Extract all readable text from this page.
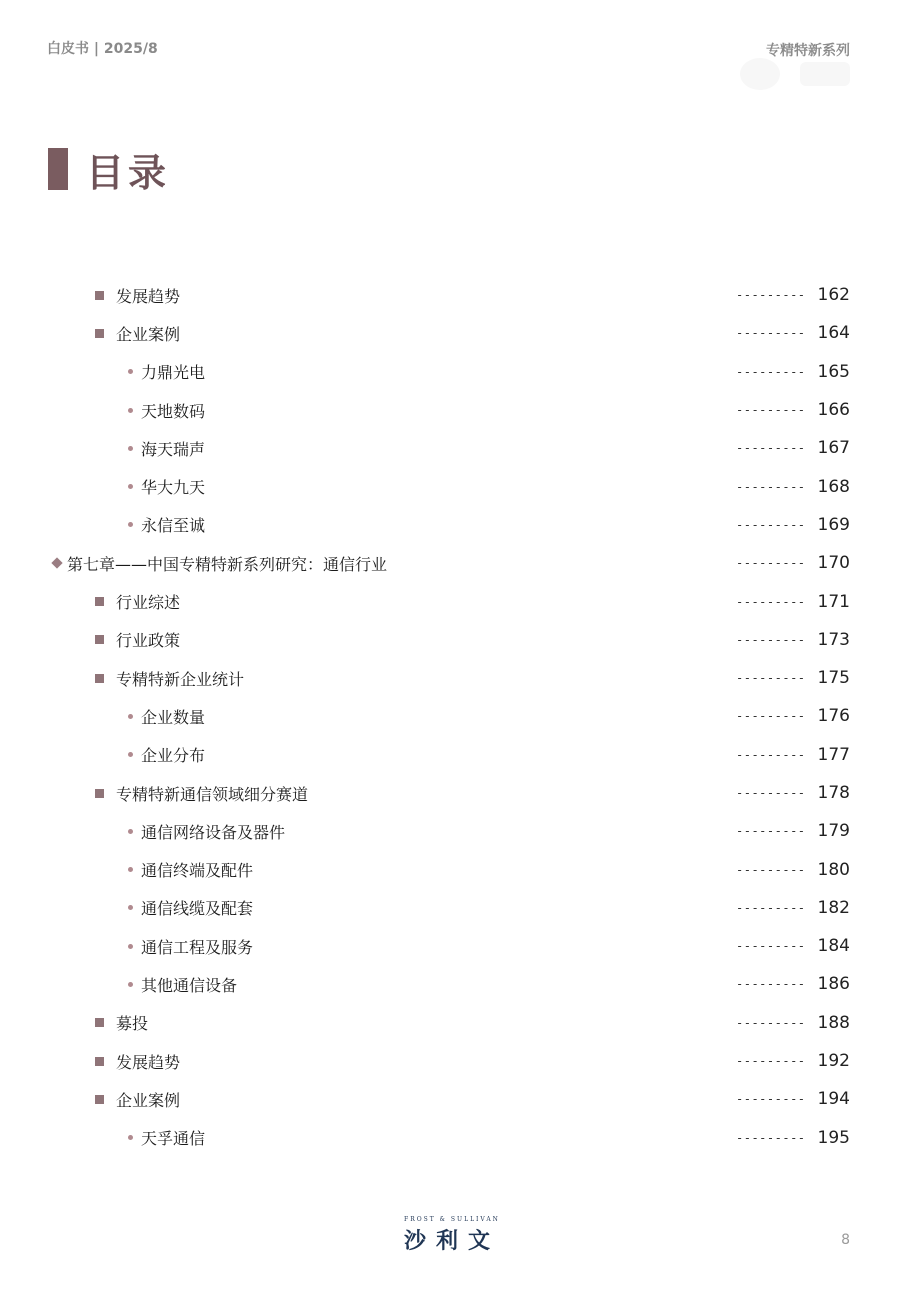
白皮书 | 2025/8	专精特新系列
目录
发展趋势	--------- 162
企业案例	--------- 164
力鼎光电	--------- 165
天地数码	--------- 166
海天瑞声	--------- 167
华大九天	--------- 168
永信至诚	--------- 169
第七章——中国专精特新系列研究：通信行业	--------- 170
行业综述	--------- 171
行业政策	--------- 173
专精特新企业统计	--------- 175
企业数量	--------- 176
企业分布	--------- 177
专精特新通信领域细分赛道	--------- 178
通信网络设备及器件	--------- 179
通信终端及配件	--------- 180
通信线缆及配套	--------- 182
通信工程及服务	--------- 184
其他通信设备	--------- 186
募投	--------- 188
发展趋势	--------- 192
企业案例	--------- 194
天孚通信	--------- 195
FROST & SULLIVAN
沙利文	8
